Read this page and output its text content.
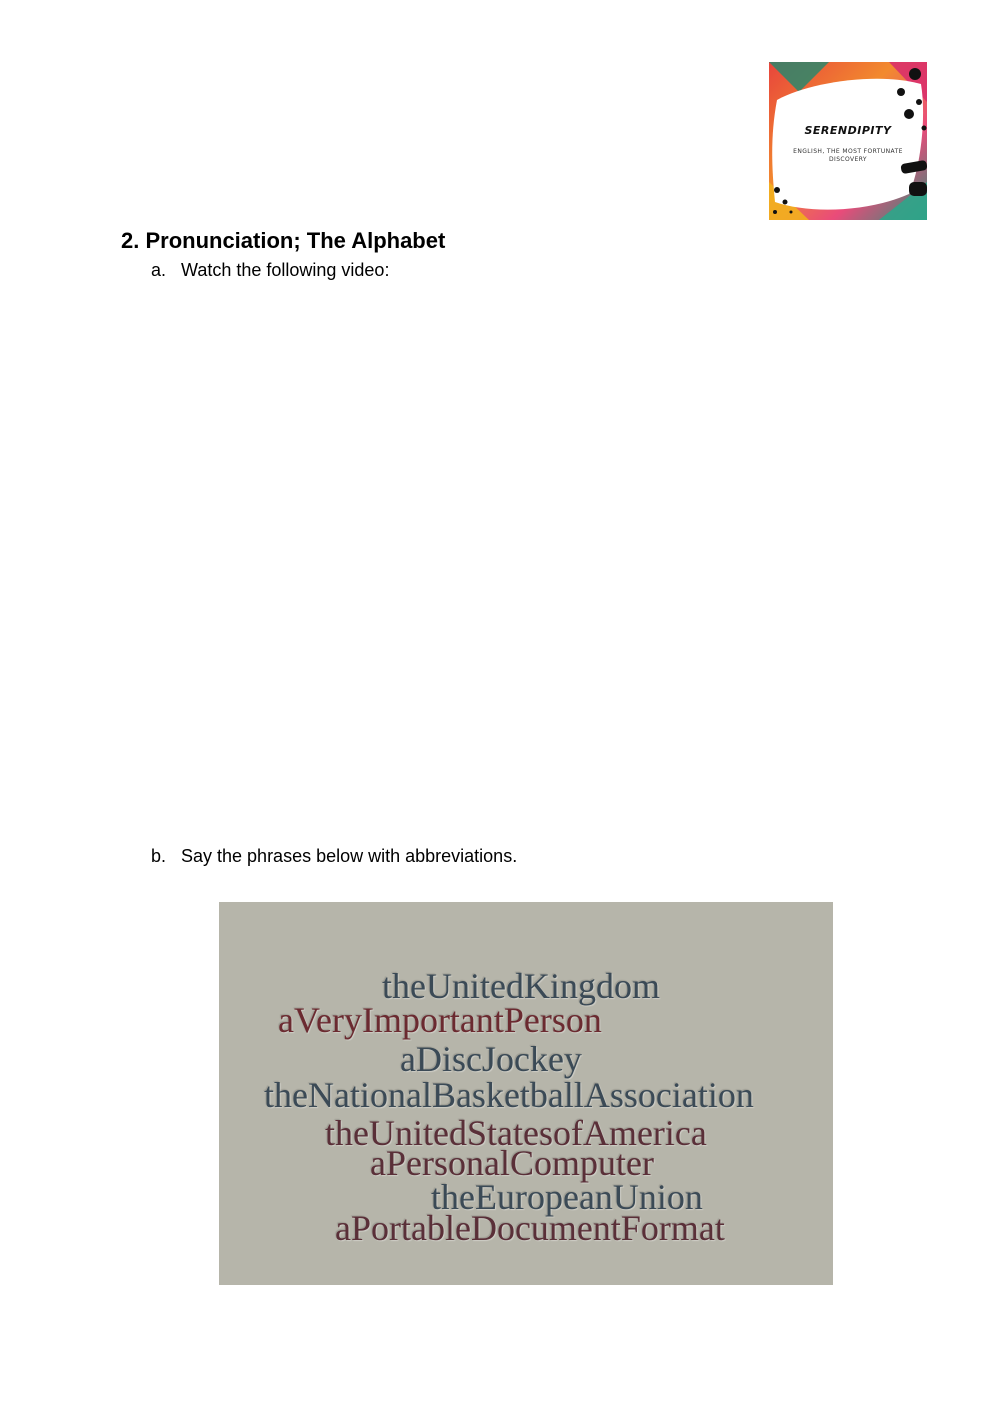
SERENDIPITY
ENGLISH, THE MOST FORTUNATE DISCOVERY
2. Pronunciation; The Alphabet
a. Watch the following video:
b. Say the phrases below with abbreviations.
theUnitedKingdom
aVeryImportantPerson
aDiscJockey
theNationalBasketballAssociation
theUnitedStatesofAmerica
aPersonalComputer
theEuropeanUnion
aPortableDocumentFormat
